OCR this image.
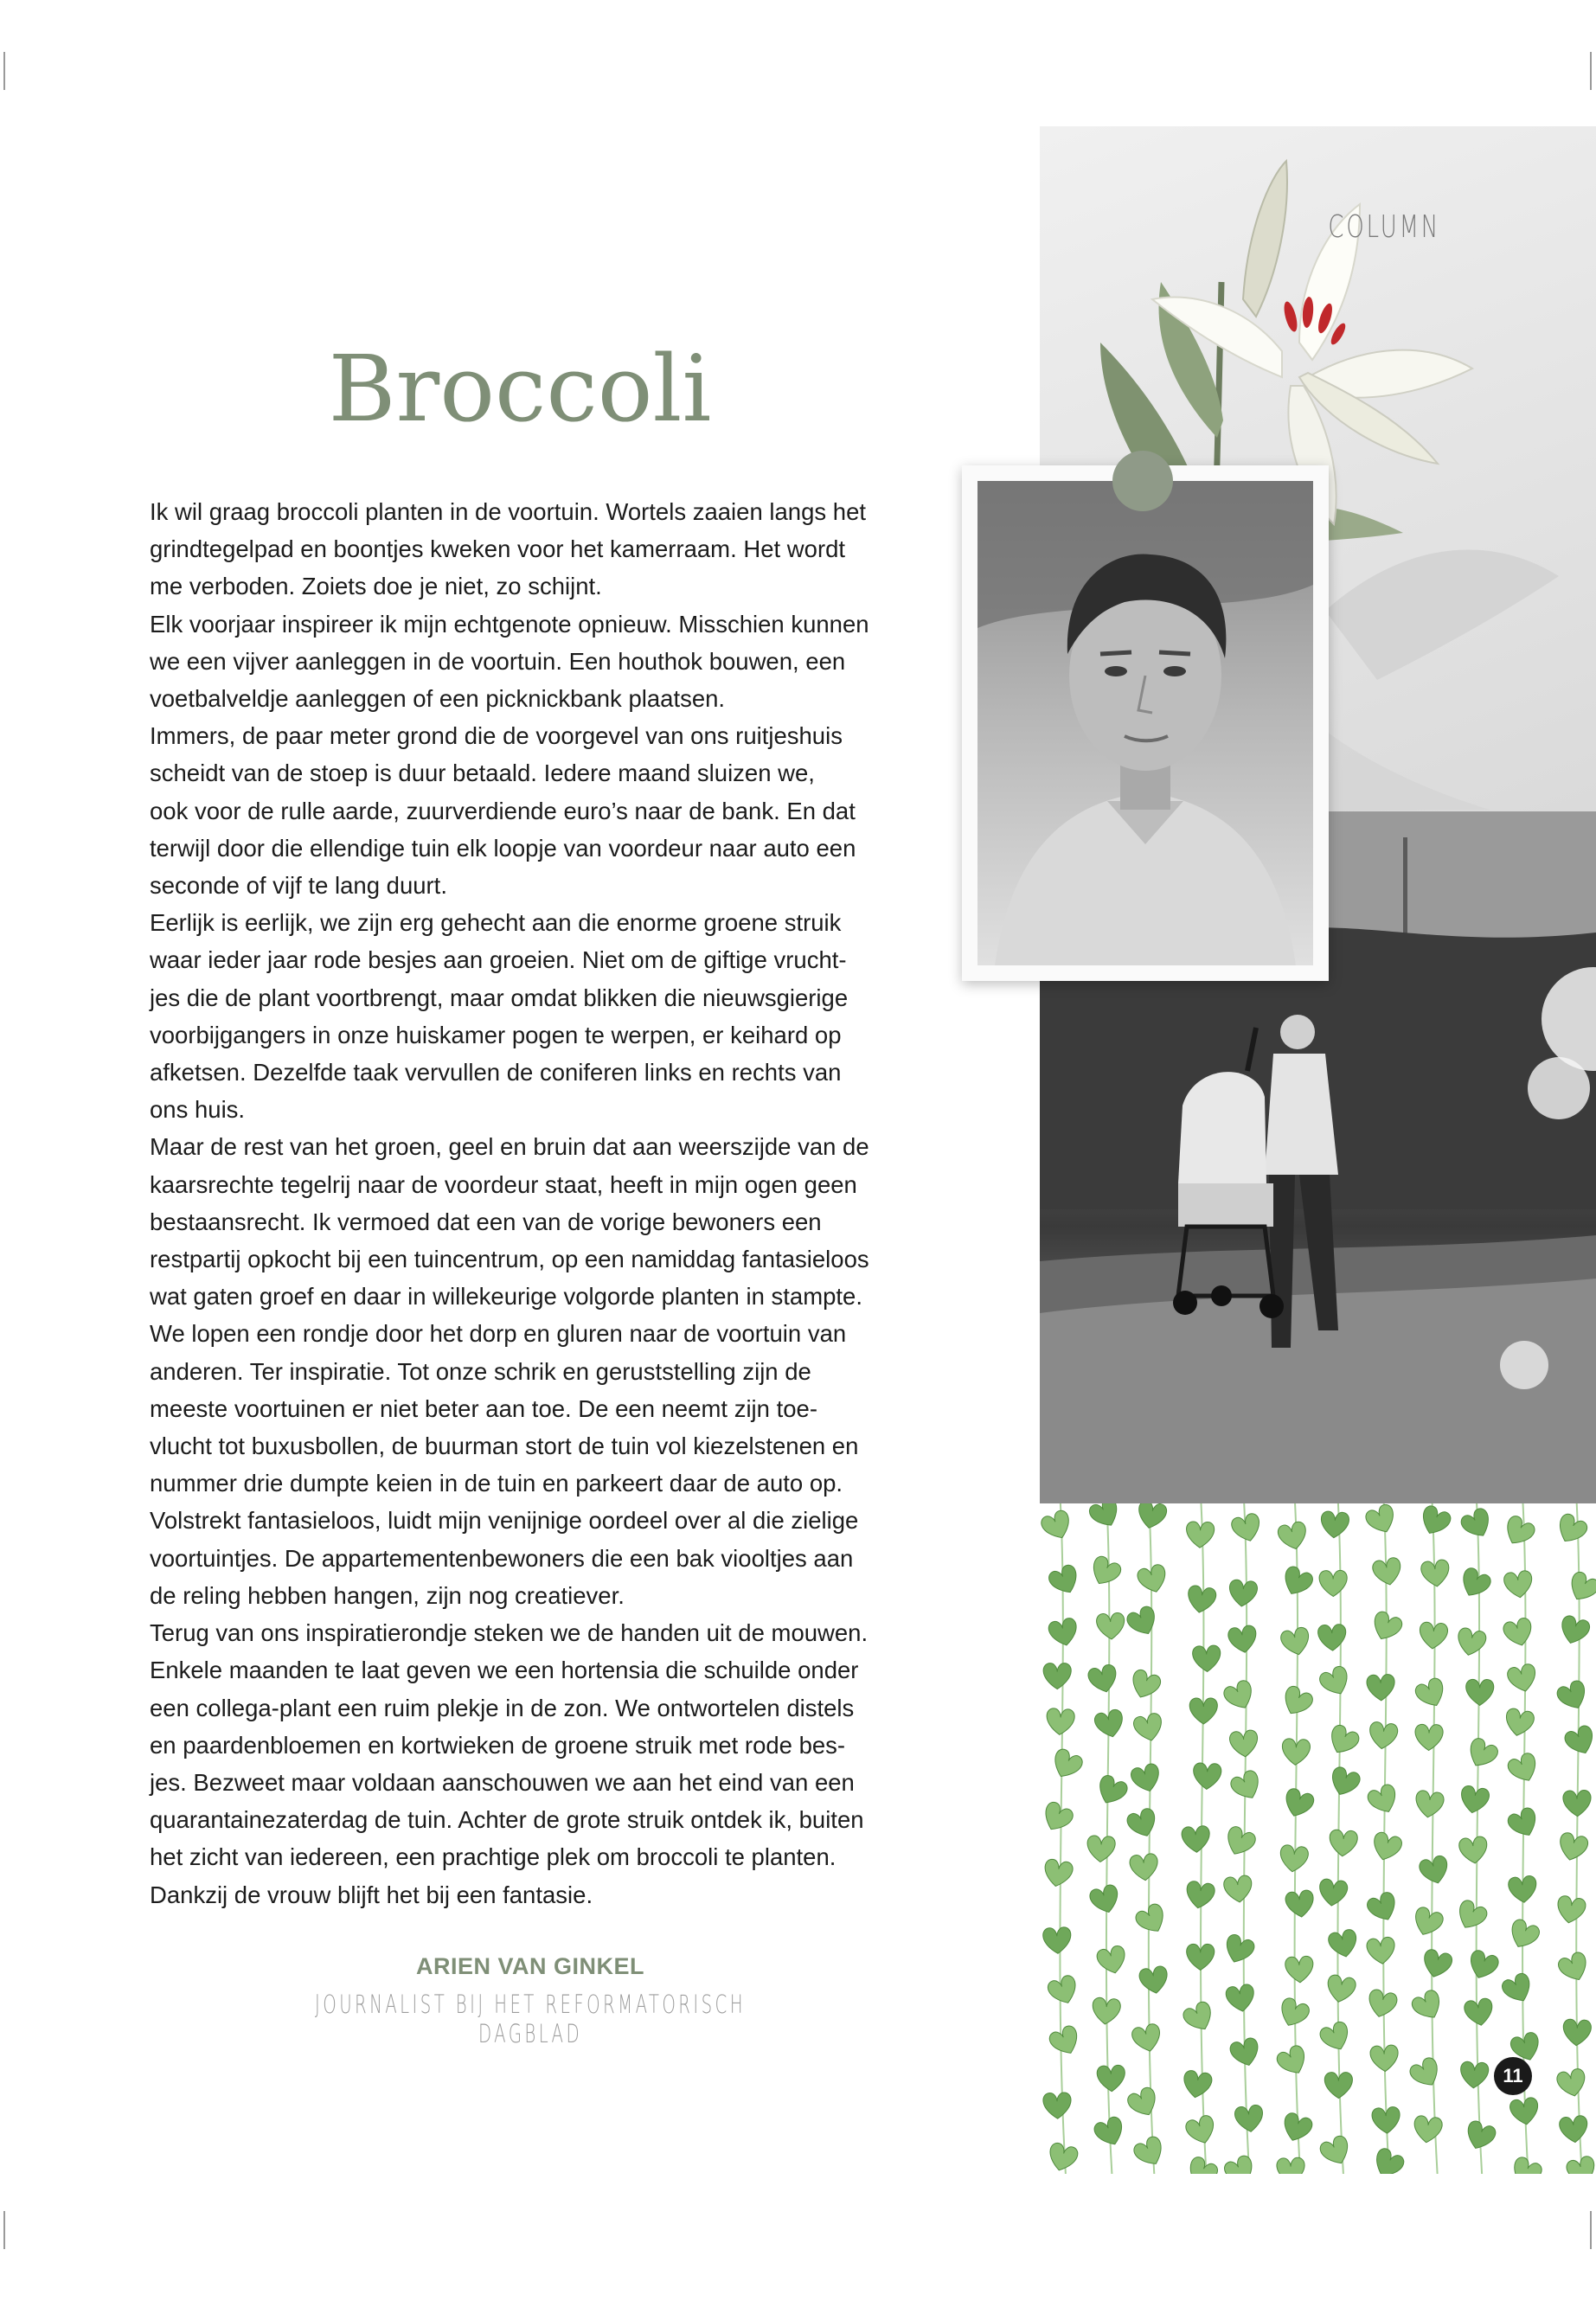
COLUMN
Broccoli

Ik wil graag broccoli planten in de voortuin. Wortels zaaien langs het

grindtegelpad en boontjes kweken voor het kamerraam. Het wordt

me verboden. Zoiets doe je niet, zo schijnt.

Elk voorjaar inspireer ik mijn echtgenote opnieuw. Misschien kunnen

we een vijver aanleggen in de voortuin. Een houthok bouwen, een

voetbalveldje aanleggen of een picknickbank plaatsen.

Immers, de paar meter grond die de voorgevel van ons ruitjeshuis

scheidt van de stoep is duur betaald. Iedere maand sluizen we,

ook voor de rulle aarde, zuurverdiende euro’s naar de bank. En dat

terwijl door die ellendige tuin elk loopje van voordeur naar auto een

seconde of vijf te lang duurt.

Eerlijk is eerlijk, we zijn erg gehecht aan die enorme groene struik

waar ieder jaar rode besjes aan groeien. Niet om de giftige vrucht-

jes die de plant voortbrengt, maar omdat blikken die nieuwsgierige

voorbijgangers in onze huiskamer pogen te werpen, er keihard op

afketsen. Dezelfde taak vervullen de coniferen links en rechts van

ons huis.

Maar de rest van het groen, geel en bruin dat aan weerszijde van de

kaarsrechte tegelrij naar de voordeur staat, heeft in mijn ogen geen

bestaansrecht. Ik vermoed dat een van de vorige bewoners een

restpartij opkocht bij een tuincentrum, op een namiddag fantasieloos

wat gaten groef en daar in willekeurige volgorde planten in stampte.

We lopen een rondje door het dorp en gluren naar de voortuin van

anderen. Ter inspiratie. Tot onze schrik en geruststelling zijn de

meeste voortuinen er niet beter aan toe. De een neemt zijn toe-

vlucht tot buxusbollen, de buurman stort de tuin vol kiezelstenen en

nummer drie dumpte keien in de tuin en parkeert daar de auto op.

Volstrekt fantasieloos, luidt mijn venijnige oordeel over al die zielige

voortuintjes. De appartementenbewoners die een bak viooltjes aan

de reling hebben hangen, zijn nog creatiever.

Terug van ons inspiratierondje steken we de handen uit de mouwen.

Enkele maanden te laat geven we een hortensia die schuilde onder

een collega-plant een ruim plekje in de zon. We ontwortelen distels

en paardenbloemen en kortwieken de groene struik met rode bes-

jes. Bezweet maar voldaan aanschouwen we aan het eind van een

quarantainezaterdag de tuin. Achter de grote struik ontdek ik, buiten

het zicht van iedereen, een prachtige plek om broccoli te planten.

Dankzij de vrouw blijft het bij een fantasie.

ARIEN VAN GINKEL
JOURNALIST BIJ HET REFORMATORISCH DAGBLAD
11
